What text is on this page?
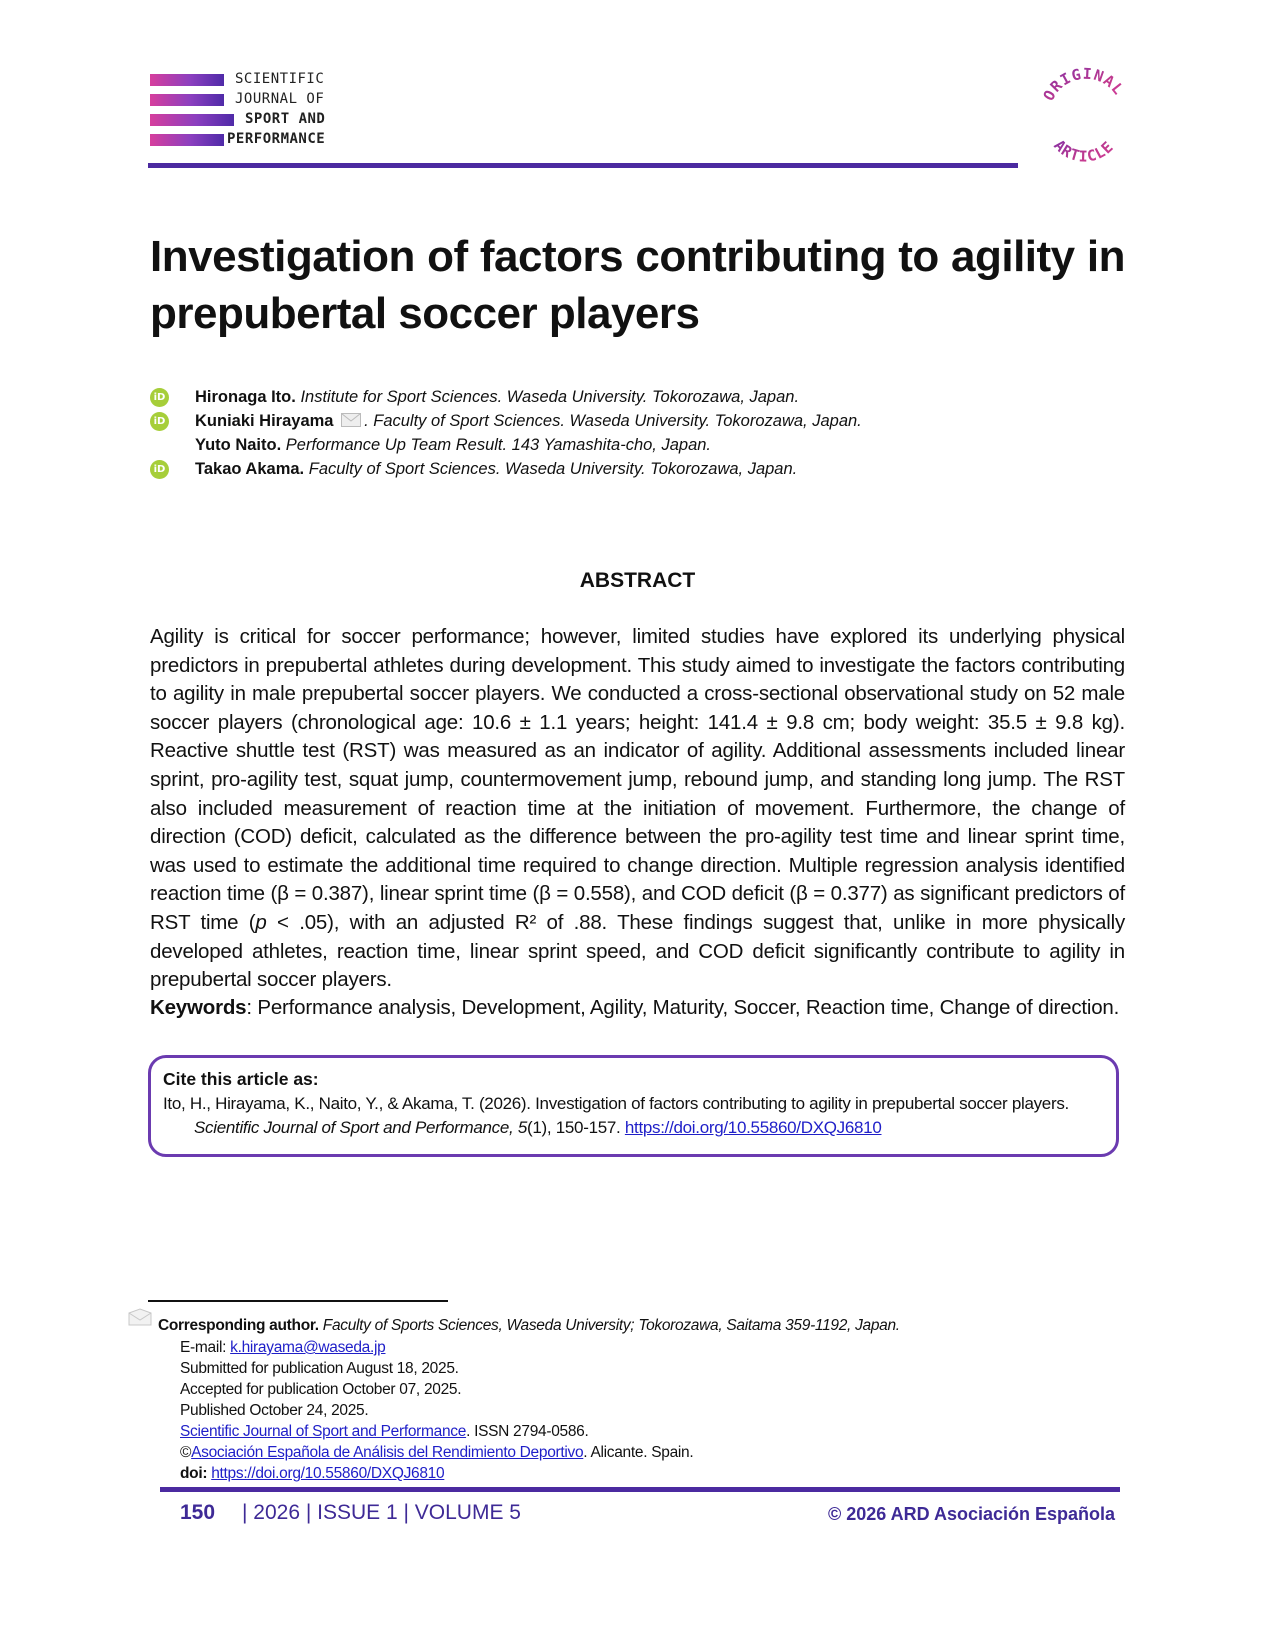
SCIENTIFIC
JOURNAL OF
SPORT AND
PERFORMANCE
ORIGINAL
ARTICLE
Investigation of factors contributing to agility in prepubertal soccer players
iD Hironaga Ito. Institute for Sport Sciences. Waseda University. Tokorozawa, Japan.
iD Kuniaki Hirayama . Faculty of Sport Sciences. Waseda University. Tokorozawa, Japan.
Yuto Naito. Performance Up Team Result. 143 Yamashita-cho, Japan.
iD Takao Akama. Faculty of Sport Sciences. Waseda University. Tokorozawa, Japan.
ABSTRACT

Agility is critical for soccer performance; however, limited studies have explored its underlying physical predictors in prepubertal athletes during development. This study aimed to investigate the factors contributing to agility in male prepubertal soccer players. We conducted a cross-sectional observational study on 52 male soccer players (chronological age: 10.6 ± 1.1 years; height: 141.4 ± 9.8 cm; body weight: 35.5 ± 9.8 kg). Reactive shuttle test (RST) was measured as an indicator of agility. Additional assessments included linear sprint, pro-agility test, squat jump, countermovement jump, rebound jump, and standing long jump. The RST also included measurement of reaction time at the initiation of movement. Furthermore, the change of direction (COD) deficit, calculated as the difference between the pro-agility test time and linear sprint time, was used to estimate the additional time required to change direction. Multiple regression analysis identified reaction time (β = 0.387), linear sprint time (β = 0.558), and COD deficit (β = 0.377) as significant predictors of RST time (p < .05), with an adjusted R² of .88. These findings suggest that, unlike in more physically developed athletes, reaction time, linear sprint speed, and COD deficit significantly contribute to agility in prepubertal soccer players.

Keywords: Performance analysis, Development, Agility, Maturity, Soccer, Reaction time, Change of direction.

Cite this article as:
Ito, H., Hirayama, K., Naito, Y., & Akama, T. (2026). Investigation of factors contributing to agility in prepubertal soccer players.
Scientific Journal of Sport and Performance, 5(1), 150-157. https://doi.org/10.55860/DXQJ6810
Corresponding author. Faculty of Sports Sciences, Waseda University; Tokorozawa, Saitama 359-1192, Japan.
E-mail: k.hirayama@waseda.jp
Submitted for publication August 18, 2025.
Accepted for publication October 07, 2025.
Published October 24, 2025.
Scientific Journal of Sport and Performance. ISSN 2794-0586.
©Asociación Española de Análisis del Rendimiento Deportivo. Alicante. Spain.
doi: https://doi.org/10.55860/DXQJ6810
150 | 2026 | ISSUE 1 | VOLUME 5	© 2026 ARD Asociación Española
